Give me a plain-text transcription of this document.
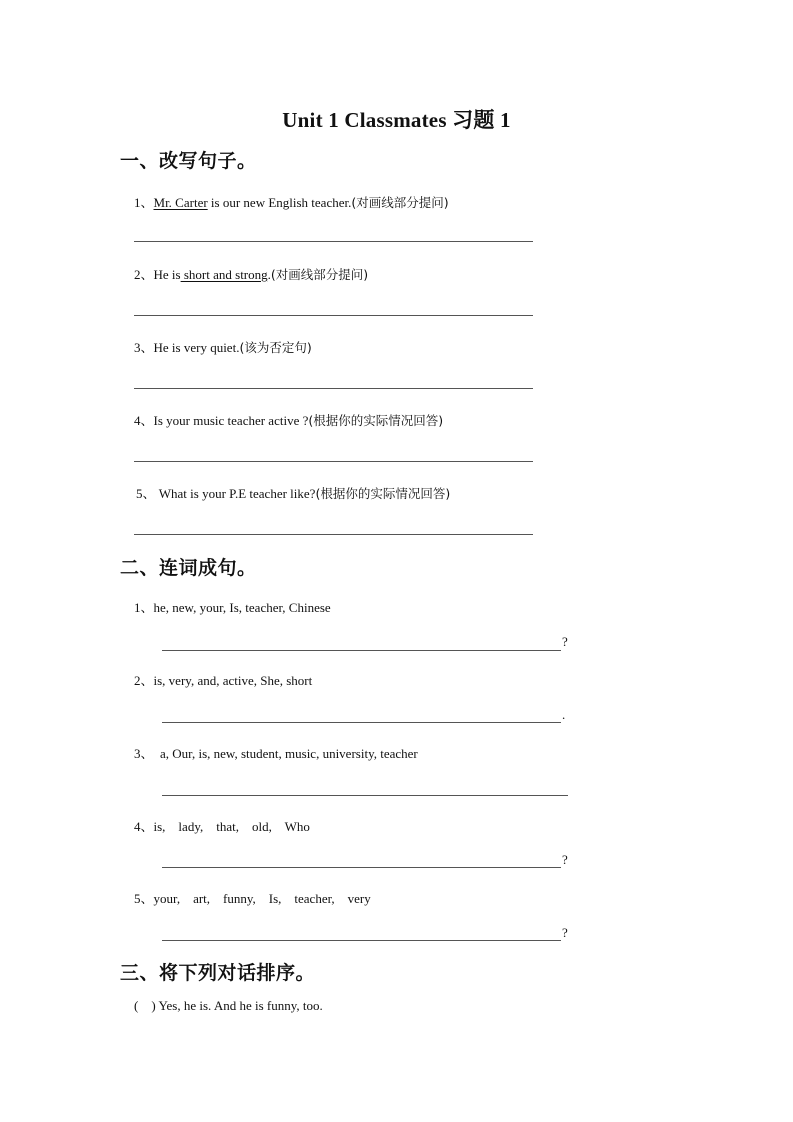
Unit 1 Classmates 习题 1
一、改写句子。
1、Mr. Carter is our new English teacher.(对画线部分提问)
2、He is short and strong.(对画线部分提问)
3、He is very quiet.(该为否定句)
4、Is your music teacher active ?(根据你的实际情况回答)
5、 What is your P.E teacher like?(根据你的实际情况回答)
二、连词成句。
1、he, new, your, Is, teacher, Chinese
?
2、is, very, and, active, She, short
.
3、  a, Our, is, new, student, music, university, teacher
4、is,    lady,    that,    old,    Who
?
5、your,    art,    funny,    Is,    teacher,    very
?
三、将下列对话排序。
(    ) Yes, he is. And he is funny, too.
